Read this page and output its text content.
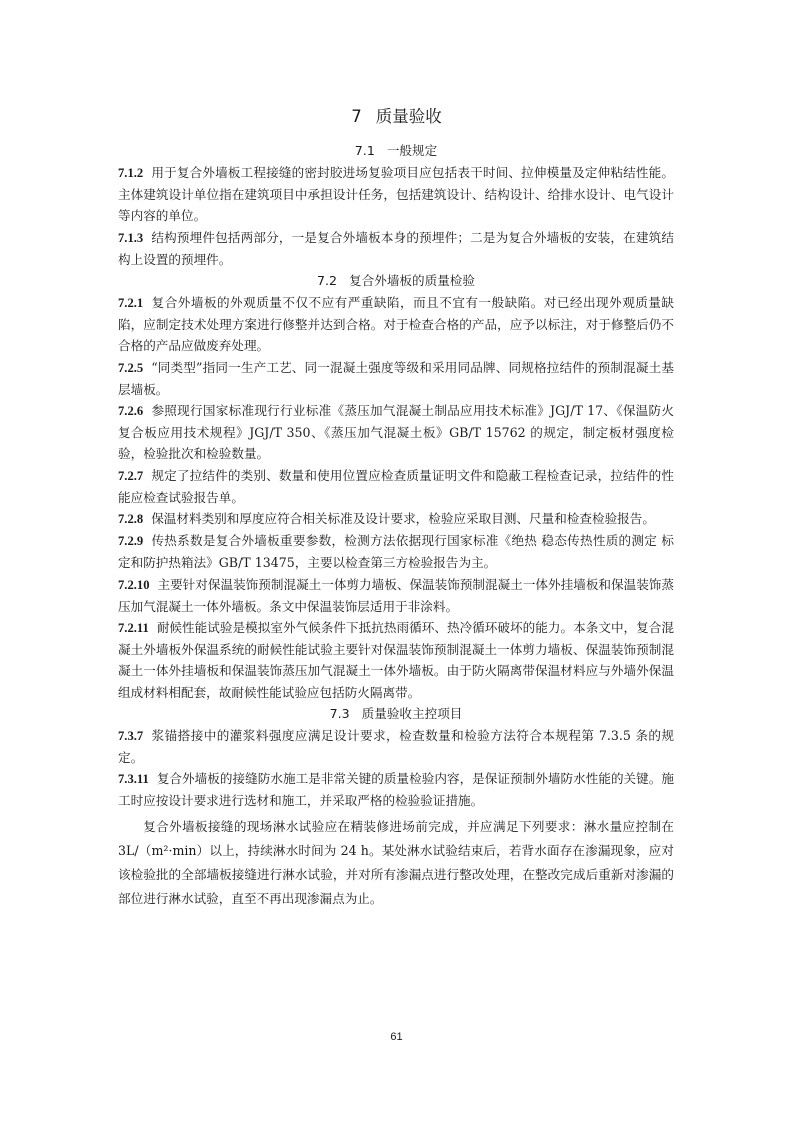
7 质量验收
7.1 一般规定

7.1.2 用于复合外墙板工程接缝的密封胶进场复验项目应包括表干时间、拉伸模量及定伸粘结性能。主体建筑设计单位指在建筑项目中承担设计任务，包括建筑设计、结构设计、给排水设计、电气设计等内容的单位。

7.1.3 结构预埋件包括两部分，一是复合外墙板本身的预埋件；二是为复合外墙板的安装，在建筑结构上设置的预埋件。

7.2 复合外墙板的质量检验

7.2.1 复合外墙板的外观质量不仅不应有严重缺陷，而且不宜有一般缺陷。对已经出现外观质量缺陷，应制定技术处理方案进行修整并达到合格。对于检查合格的产品，应予以标注，对于修整后仍不合格的产品应做废弃处理。

7.2.5 “同类型”指同一生产工艺、同一混凝土强度等级和采用同品牌、同规格拉结件的预制混凝土基层墙板。

7.2.6 参照现行国家标准现行行业标准《蒸压加气混凝土制品应用技术标准》JGJ/T 17、《保温防火复合板应用技术规程》JGJ/T 350、《蒸压加气混凝土板》GB/T 15762 的规定，制定板材强度检验，检验批次和检验数量。

7.2.7 规定了拉结件的类别、数量和使用位置应检查质量证明文件和隐蔽工程检查记录，拉结件的性能应检查试验报告单。

7.2.8 保温材料类别和厚度应符合相关标准及设计要求，检验应采取目测、尺量和检查检验报告。

7.2.9 传热系数是复合外墙板重要参数，检测方法依据现行国家标准《绝热 稳态传热性质的测定 标定和防护热箱法》GB/T 13475，主要以检查第三方检验报告为主。

7.2.10 主要针对保温装饰预制混凝土一体剪力墙板、保温装饰预制混凝土一体外挂墙板和保温装饰蒸压加气混凝土一体外墙板。条文中保温装饰层适用于非涂料。

7.2.11 耐候性能试验是模拟室外气候条件下抵抗热雨循环、热冷循环破坏的能力。本条文中，复合混凝土外墙板外保温系统的耐候性能试验主要针对保温装饰预制混凝土一体剪力墙板、保温装饰预制混凝土一体外挂墙板和保温装饰蒸压加气混凝土一体外墙板。由于防火隔离带保温材料应与外墙外保温组成材料相配套，故耐候性能试验应包括防火隔离带。

7.3 质量验收主控项目

7.3.7 浆锚搭接中的灌浆料强度应满足设计要求，检查数量和检验方法符合本规程第 7.3.5 条的规定。

7.3.11 复合外墙板的接缝防水施工是非常关键的质量检验内容，是保证预制外墙防水性能的关键。施工时应按设计要求进行选材和施工，并采取严格的检验验证措施。

复合外墙板接缝的现场淋水试验应在精装修进场前完成，并应满足下列要求：淋水量应控制在 3L/（m²·min）以上，持续淋水时间为 24 h。某处淋水试验结束后，若背水面存在渗漏现象，应对该检验批的全部墙板接缝进行淋水试验，并对所有渗漏点进行整改处理，在整改完成后重新对渗漏的部位进行淋水试验，直至不再出现渗漏点为止。

61
